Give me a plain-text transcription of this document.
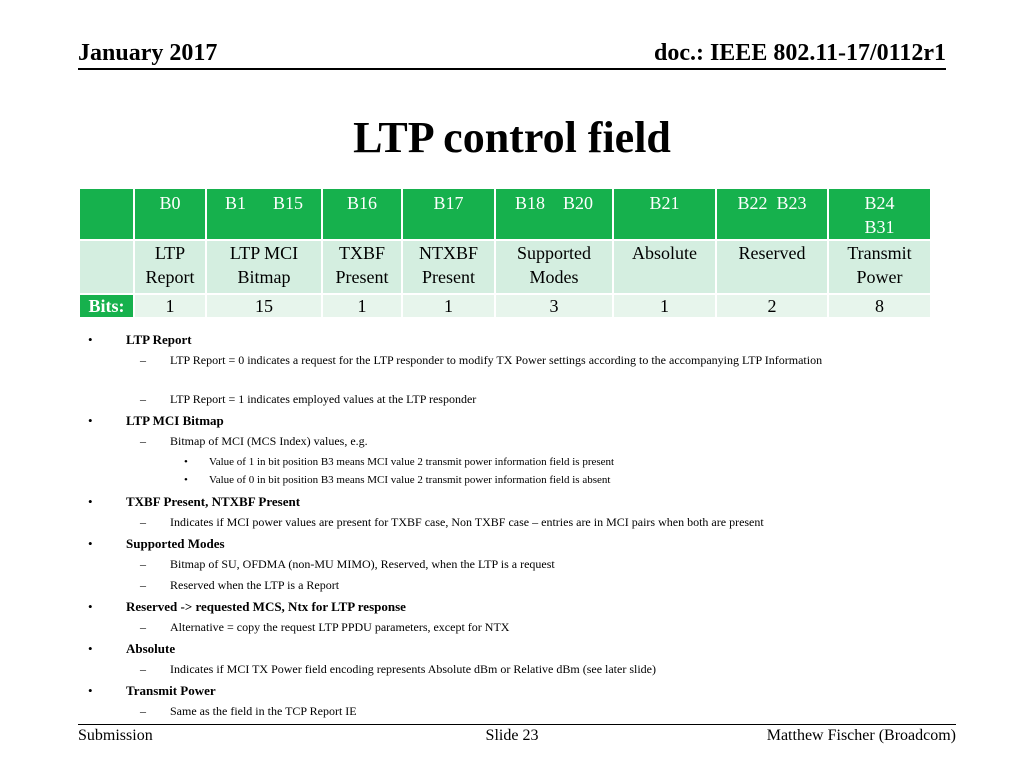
January 2017	doc.: IEEE 802.11-17/0112r1
LTP control field
	B0	B1      B15	B16	B17	B18    B20	B21	B22  B23	B24 B31
	LTP Report	LTP MCI Bitmap	TXBF Present	NTXBF Present	Supported Modes	Absolute	Reserved	Transmit Power
Bits:	1	15	1	1	3	1	2	8
•	LTP Report
– LTP Report = 0 indicates a request for the LTP responder to modify TX Power settings according to the accompanying LTP Information
– LTP Report = 1 indicates employed values at the LTP responder
•	LTP MCI Bitmap
– Bitmap of MCI (MCS Index) values, e.g.
• Value of 1 in bit position B3 means MCI value 2 transmit power information field is present
• Value of 0 in bit position B3 means MCI value 2 transmit power information field is absent
•	TXBF Present, NTXBF Present
– Indicates if MCI power values are present for TXBF case, Non TXBF case – entries are in MCI pairs when both are present
•	Supported Modes
– Bitmap of SU, OFDMA (non-MU MIMO), Reserved, when the LTP is a request
– Reserved when the LTP is a Report
•	Reserved -> requested MCS, Ntx for LTP response
– Alternative = copy the request LTP PPDU parameters, except for NTX
•	Absolute
– Indicates if MCI TX Power field encoding represents Absolute dBm or Relative dBm (see later slide)
•	Transmit Power
– Same as the field in the TCP Report IE
Submission	Slide 23	Matthew Fischer (Broadcom)
